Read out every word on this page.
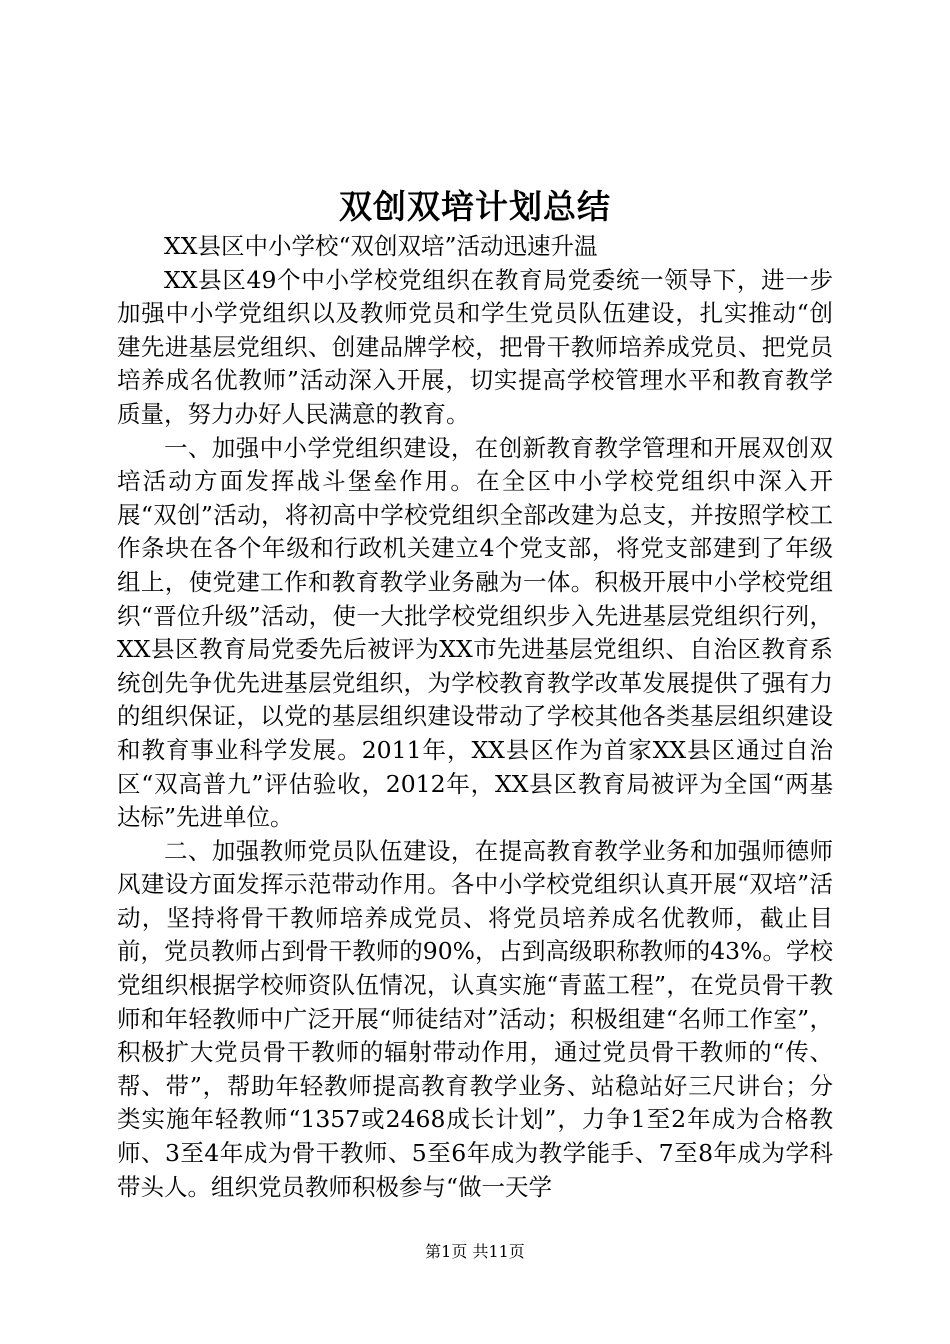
双创双培计划总结

XX县区中小学校“双创双培”活动迅速升温

XX县区49个中小学校党组织在教育局党委统一领导下，进一步加强中小学党组织以及教师党员和学生党员队伍建设，扎实推动“创建先进基层党组织、创建品牌学校，把骨干教师培养成党员、把党员培养成名优教师”活动深入开展，切实提高学校管理水平和教育教学质量，努力办好人民满意的教育。

一、加强中小学党组织建设，在创新教育教学管理和开展双创双培活动方面发挥战斗堡垒作用。在全区中小学校党组织中深入开展“双创”活动，将初高中学校党组织全部改建为总支，并按照学校工作条块在各个年级和行政机关建立4个党支部，将党支部建到了年级组上，使党建工作和教育教学业务融为一体。积极开展中小学校党组织“晋位升级”活动，使一大批学校党组织步入先进基层党组织行列，XX县区教育局党委先后被评为XX市先进基层党组织、自治区教育系统创先争优先进基层党组织，为学校教育教学改革发展提供了强有力的组织保证，以党的基层组织建设带动了学校其他各类基层组织建设和教育事业科学发展。2011年，XX县区作为首家XX县区通过自治区“双高普九”评估验收，2012年，XX县区教育局被评为全国“两基达标”先进单位。

二、加强教师党员队伍建设，在提高教育教学业务和加强师德师风建设方面发挥示范带动作用。各中小学校党组织认真开展“双培”活动，坚持将骨干教师培养成党员、将党员培养成名优教师，截止目前，党员教师占到骨干教师的90%，占到高级职称教师的43%。学校党组织根据学校师资队伍情况，认真实施“青蓝工程”，在党员骨干教师和年轻教师中广泛开展“师徒结对”活动；积极组建“名师工作室”，积极扩大党员骨干教师的辐射带动作用，通过党员骨干教师的“传、帮、带”，帮助年轻教师提高教育教学业务、站稳站好三尺讲台；分类实施年轻教师“1357或2468成长计划”，力争1至2年成为合格教师、3至4年成为骨干教师、5至6年成为教学能手、7至8年成为学科带头人。组织党员教师积极参与“做一天学

第1页 共11页
